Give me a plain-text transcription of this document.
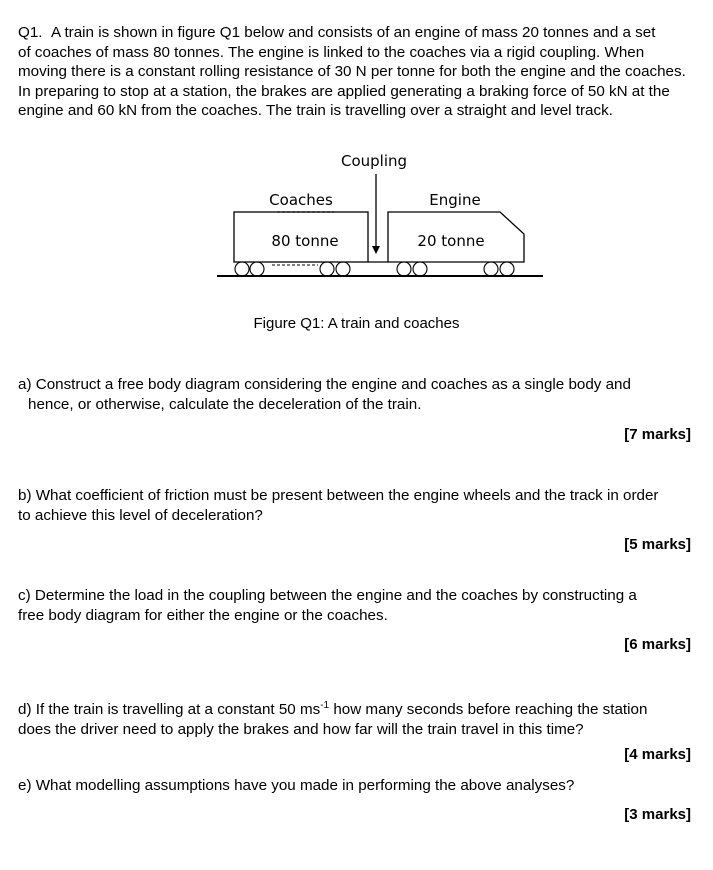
Q1. A train is shown in figure Q1 below and consists of an engine of mass 20 tonnes and a set
of coaches of mass 80 tonnes. The engine is linked to the coaches via a rigid coupling. When
moving there is a constant rolling resistance of 30 N per tonne for both the engine and the coaches.
In preparing to stop at a station, the brakes are applied generating a braking force of 50 kN at the
engine and 60 kN from the coaches. The train is travelling over a straight and level track.
Coupling
Coaches	Engine
80 tonne	20 tonne
Figure Q1: A train and coaches
a) Construct a free body diagram considering the engine and coaches as a single body and
hence, or otherwise, calculate the deceleration of the train.
[7 marks]
b) What coefficient of friction must be present between the engine wheels and the track in order
to achieve this level of deceleration?
[5 marks]
c) Determine the load in the coupling between the engine and the coaches by constructing a
free body diagram for either the engine or the coaches.
[6 marks]
d) If the train is travelling at a constant 50 $ms^{-1}$ how many seconds before reaching the station
does the driver need to apply the brakes and how far will the train travel in this time?
[4 marks]
e) What modelling assumptions have you made in performing the above analyses?
[3 marks]
